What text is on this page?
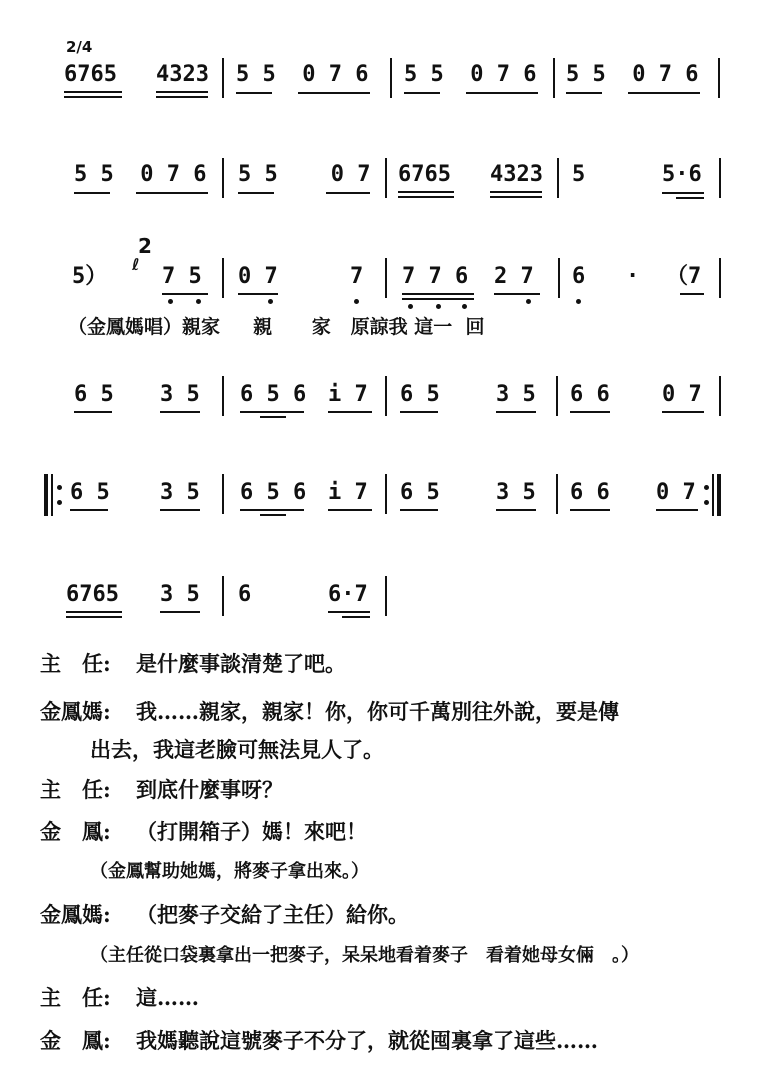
2/4
6765 4323 5 5  0 7 6 5 5  0 7 6 5 5  0 7 6
5 5  0 7 6 5 5    0 7 6765 4323 5	5·6
5）
2
ℓ 7 5 0 7	7 7 7 6 2 7 6 · （7
（金鳳媽唱）親家     親      家   原諒我 這一  回
6 5 3 5 6 5 6 i 7 6 5	3 5 6 6 0 7
6 5 3 5 6 5 6 i 7 6 5	3 5 6 6 0 7
6765 3 5 6	6·7
主　任: 是什麼事談清楚了吧。
金鳳媽: 我……親家，親家！你，你可千萬別往外說，要是傳
出去，我這老臉可無法見人了。
主　任: 到底什麼事呀？
金　鳳: （打開箱子）媽！來吧！
（金鳳幫助她媽，將麥子拿出來。）
金鳳媽: （把麥子交給了主任）給你。
（主任從口袋裏拿出一把麥子，呆呆地看着麥子　看着她母女倆　。）
主　任: 這……
金　鳳: 我媽聽說這號麥子不分了，就從囤裏拿了這些……
